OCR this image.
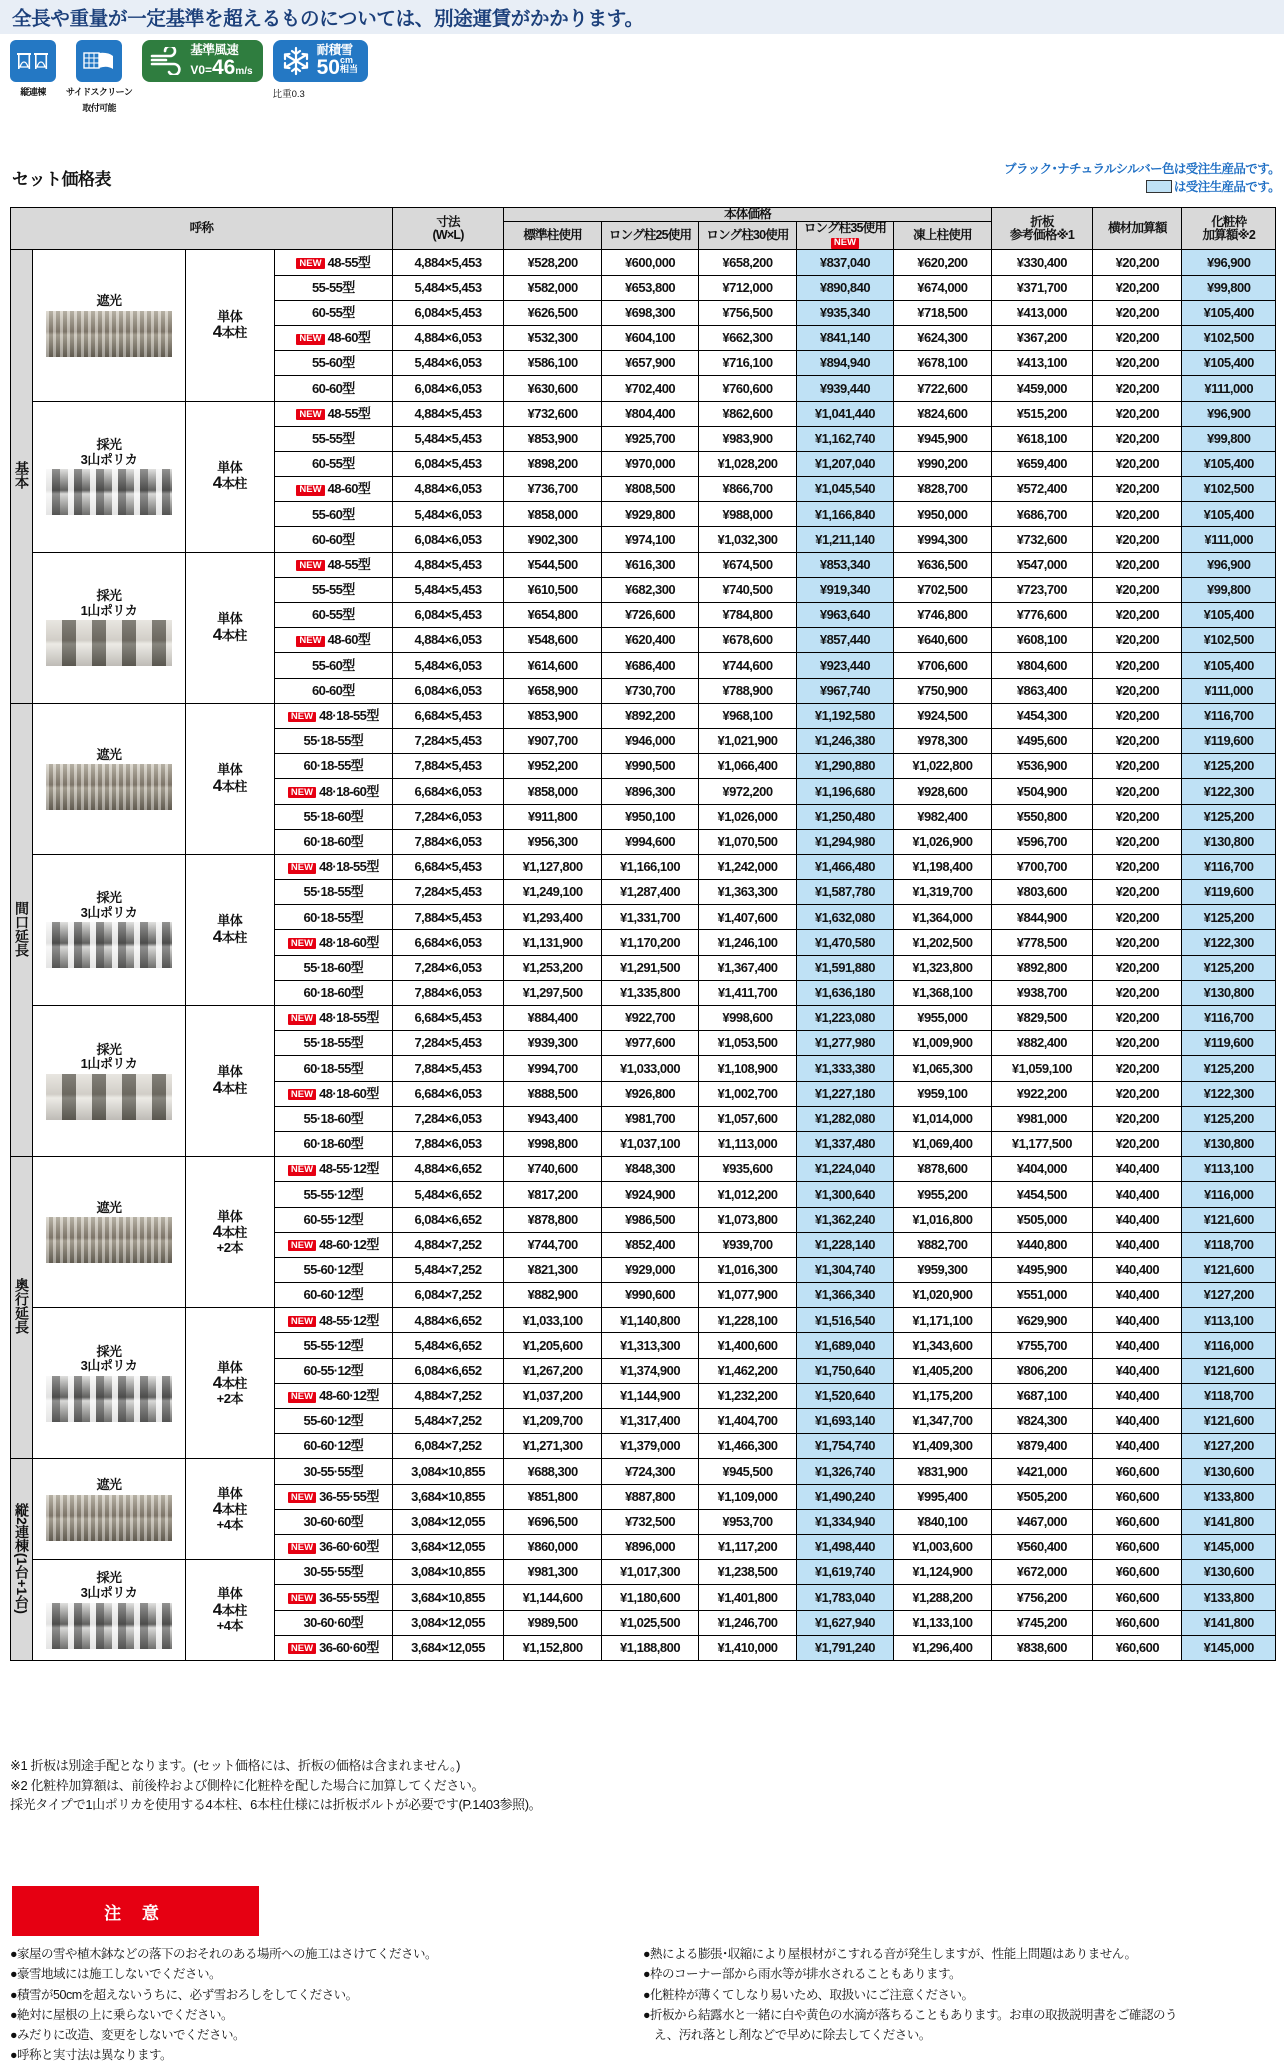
全長や重量が一定基準を超えるものについては、別途運賃がかかります。
縦連棟 サイドスクリーン
取付可能
基準風速
V0=46m/s
耐積雪
50 cm
相当
比重0.3
セット価格表
ブラック･ナチュラルシルバー色は受注生産品です。
は受注生産品です。
呼称				寸法
(W×L)	本体価格					折板
参考価格※1	横材加算額	化粧枠
加算額※2
					標準柱使用	ロング柱25使用	ロング柱30使用	ロング柱35使用
NEW	凍上柱使用			
基本	遮光	単体
4本柱	NEW 48-55型	4,884×5,453	¥528,200	¥600,000	¥658,200	¥837,040	¥620,200	¥330,400	¥20,200	¥96,900
			55-55型	5,484×5,453	¥582,000	¥653,800	¥712,000	¥890,840	¥674,000	¥371,700	¥20,200	¥99,800
			60-55型	6,084×5,453	¥626,500	¥698,300	¥756,500	¥935,340	¥718,500	¥413,000	¥20,200	¥105,400
			NEW 48-60型	4,884×6,053	¥532,300	¥604,100	¥662,300	¥841,140	¥624,300	¥367,200	¥20,200	¥102,500
			55-60型	5,484×6,053	¥586,100	¥657,900	¥716,100	¥894,940	¥678,100	¥413,100	¥20,200	¥105,400
			60-60型	6,084×6,053	¥630,600	¥702,400	¥760,600	¥939,440	¥722,600	¥459,000	¥20,200	¥111,000

採光
3山ポリカ

単体
4本柱
	NEW 48-55型	4,884×5,453	¥732,600	¥804,400	¥862,600	¥1,041,440	¥824,600	¥515,200	¥20,200	¥96,900
			55-55型	5,484×5,453	¥853,900	¥925,700	¥983,900	¥1,162,740	¥945,900	¥618,100	¥20,200	¥99,800
			60-55型	6,084×5,453	¥898,200	¥970,000	¥1,028,200	¥1,207,040	¥990,200	¥659,400	¥20,200	¥105,400
			NEW 48-60型	4,884×6,053	¥736,700	¥808,500	¥866,700	¥1,045,540	¥828,700	¥572,400	¥20,200	¥102,500
			55-60型	5,484×6,053	¥858,000	¥929,800	¥988,000	¥1,166,840	¥950,000	¥686,700	¥20,200	¥105,400
			60-60型	6,084×6,053	¥902,300	¥974,100	¥1,032,300	¥1,211,140	¥994,300	¥732,600	¥20,200	¥111,000

採光
1山ポリカ

単体
4本柱
	NEW 48-55型	4,884×5,453	¥544,500	¥616,300	¥674,500	¥853,340	¥636,500	¥547,000	¥20,200	¥96,900
			55-55型	5,484×5,453	¥610,500	¥682,300	¥740,500	¥919,340	¥702,500	¥723,700	¥20,200	¥99,800
			60-55型	6,084×5,453	¥654,800	¥726,600	¥784,800	¥963,640	¥746,800	¥776,600	¥20,200	¥105,400
			NEW 48-60型	4,884×6,053	¥548,600	¥620,400	¥678,600	¥857,440	¥640,600	¥608,100	¥20,200	¥102,500
			55-60型	5,484×6,053	¥614,600	¥686,400	¥744,600	¥923,440	¥706,600	¥804,600	¥20,200	¥105,400
			60-60型	6,084×6,053	¥658,900	¥730,700	¥788,900	¥967,740	¥750,900	¥863,400	¥20,200	¥111,000
間口延長	遮光	単体
4本柱	NEW 48·18-55型	6,684×5,453	¥853,900	¥892,200	¥968,100	¥1,192,580	¥924,500	¥454,300	¥20,200	¥116,700
			55·18-55型	7,284×5,453	¥907,700	¥946,000	¥1,021,900	¥1,246,380	¥978,300	¥495,600	¥20,200	¥119,600
			60·18-55型	7,884×5,453	¥952,200	¥990,500	¥1,066,400	¥1,290,880	¥1,022,800	¥536,900	¥20,200	¥125,200
			NEW 48·18-60型	6,684×6,053	¥858,000	¥896,300	¥972,200	¥1,196,680	¥928,600	¥504,900	¥20,200	¥122,300
			55·18-60型	7,284×6,053	¥911,800	¥950,100	¥1,026,000	¥1,250,480	¥982,400	¥550,800	¥20,200	¥125,200
			60·18-60型	7,884×6,053	¥956,300	¥994,600	¥1,070,500	¥1,294,980	¥1,026,900	¥596,700	¥20,200	¥130,800

採光
3山ポリカ

単体
4本柱
	NEW 48·18-55型	6,684×5,453	¥1,127,800	¥1,166,100	¥1,242,000	¥1,466,480	¥1,198,400	¥700,700	¥20,200	¥116,700
			55·18-55型	7,284×5,453	¥1,249,100	¥1,287,400	¥1,363,300	¥1,587,780	¥1,319,700	¥803,600	¥20,200	¥119,600
			60·18-55型	7,884×5,453	¥1,293,400	¥1,331,700	¥1,407,600	¥1,632,080	¥1,364,000	¥844,900	¥20,200	¥125,200
			NEW 48·18-60型	6,684×6,053	¥1,131,900	¥1,170,200	¥1,246,100	¥1,470,580	¥1,202,500	¥778,500	¥20,200	¥122,300
			55·18-60型	7,284×6,053	¥1,253,200	¥1,291,500	¥1,367,400	¥1,591,880	¥1,323,800	¥892,800	¥20,200	¥125,200
			60·18-60型	7,884×6,053	¥1,297,500	¥1,335,800	¥1,411,700	¥1,636,180	¥1,368,100	¥938,700	¥20,200	¥130,800

採光
1山ポリカ

単体
4本柱
	NEW 48·18-55型	6,684×5,453	¥884,400	¥922,700	¥998,600	¥1,223,080	¥955,000	¥829,500	¥20,200	¥116,700
			55·18-55型	7,284×5,453	¥939,300	¥977,600	¥1,053,500	¥1,277,980	¥1,009,900	¥882,400	¥20,200	¥119,600
			60·18-55型	7,884×5,453	¥994,700	¥1,033,000	¥1,108,900	¥1,333,380	¥1,065,300	¥1,059,100	¥20,200	¥125,200
			NEW 48·18-60型	6,684×6,053	¥888,500	¥926,800	¥1,002,700	¥1,227,180	¥959,100	¥922,200	¥20,200	¥122,300
			55·18-60型	7,284×6,053	¥943,400	¥981,700	¥1,057,600	¥1,282,080	¥1,014,000	¥981,000	¥20,200	¥125,200
			60·18-60型	7,884×6,053	¥998,800	¥1,037,100	¥1,113,000	¥1,337,480	¥1,069,400	¥1,177,500	¥20,200	¥130,800
奥行延長	遮光	単体
4本柱
+2本	NEW 48-55·12型	4,884×6,652	¥740,600	¥848,300	¥935,600	¥1,224,040	¥878,600	¥404,000	¥40,400	¥113,100
			55-55·12型	5,484×6,652	¥817,200	¥924,900	¥1,012,200	¥1,300,640	¥955,200	¥454,500	¥40,400	¥116,000
			60-55·12型	6,084×6,652	¥878,800	¥986,500	¥1,073,800	¥1,362,240	¥1,016,800	¥505,000	¥40,400	¥121,600
			NEW 48-60·12型	4,884×7,252	¥744,700	¥852,400	¥939,700	¥1,228,140	¥882,700	¥440,800	¥40,400	¥118,700
			55-60·12型	5,484×7,252	¥821,300	¥929,000	¥1,016,300	¥1,304,740	¥959,300	¥495,900	¥40,400	¥121,600
			60-60·12型	6,084×7,252	¥882,900	¥990,600	¥1,077,900	¥1,366,340	¥1,020,900	¥551,000	¥40,400	¥127,200

採光
3山ポリカ	単体
4本柱
+2本
	NEW 48-55·12型	4,884×6,652	¥1,033,100	¥1,140,800	¥1,228,100	¥1,516,540	¥1,171,100	¥629,900	¥40,400	¥113,100
			55-55·12型	5,484×6,652	¥1,205,600	¥1,313,300	¥1,400,600	¥1,689,040	¥1,343,600	¥755,700	¥40,400	¥116,000
			60-55·12型	6,084×6,652	¥1,267,200	¥1,374,900	¥1,462,200	¥1,750,640	¥1,405,200	¥806,200	¥40,400	¥121,600
			NEW 48-60·12型	4,884×7,252	¥1,037,200	¥1,144,900	¥1,232,200	¥1,520,640	¥1,175,200	¥687,100	¥40,400	¥118,700
			55-60·12型	5,484×7,252	¥1,209,700	¥1,317,400	¥1,404,700	¥1,693,140	¥1,347,700	¥824,300	¥40,400	¥121,600
			60-60·12型	6,084×7,252	¥1,271,300	¥1,379,000	¥1,466,300	¥1,754,740	¥1,409,300	¥879,400	¥40,400	¥127,200
縦2連棟(1台+1台)	遮光	単体
4本柱
+4本	30-55·55型	3,084×10,855	¥688,300	¥724,300	¥945,500	¥1,326,740	¥831,900	¥421,000	¥60,600	¥130,600
			NEW 36-55·55型	3,684×10,855	¥851,800	¥887,800	¥1,109,000	¥1,490,240	¥995,400	¥505,200	¥60,600	¥133,800
			30-60·60型	3,084×12,055	¥696,500	¥732,500	¥953,700	¥1,334,940	¥840,100	¥467,000	¥60,600	¥141,800
			NEW 36-60·60型	3,684×12,055	¥860,000	¥896,000	¥1,117,200	¥1,498,440	¥1,003,600	¥560,400	¥60,600	¥145,000

採光
3山ポリカ	単体
4本柱
+4本
	30-55·55型	3,084×10,855	¥981,300	¥1,017,300	¥1,238,500	¥1,619,740	¥1,124,900	¥672,000	¥60,600	¥130,600
			NEW 36-55·55型	3,684×10,855	¥1,144,600	¥1,180,600	¥1,401,800	¥1,783,040	¥1,288,200	¥756,200	¥60,600	¥133,800
			30-60·60型	3,084×12,055	¥989,500	¥1,025,500	¥1,246,700	¥1,627,940	¥1,133,100	¥745,200	¥60,600	¥141,800
			NEW 36-60·60型	3,684×12,055	¥1,152,800	¥1,188,800	¥1,410,000	¥1,791,240	¥1,296,400	¥838,600	¥60,600	¥145,000
※1 折板は別途手配となります。(セット価格には、折板の価格は含まれません。)
※2 化粧枠加算額は、前後枠および側枠に化粧枠を配した場合に加算してください。
採光タイプで1山ポリカを使用する4本柱、6本柱仕様には折板ボルトが必要です(P.1403参照)。
注 意

●家屋の雪や植木鉢などの落下のおそれのある場所への施工はさけてください。

●豪雪地域には施工しないでください。

●積雪が50cmを超えないうちに、必ず雪おろしをしてください。

●絶対に屋根の上に乗らないでください。

●みだりに改造、変更をしないでください。

●呼称と実寸法は異なります。

●熱による膨張･収縮により屋根材がこすれる音が発生しますが、性能上問題はありません。

●枠のコーナー部から雨水等が排水されることもあります。

●化粧枠が薄くてしなり易いため、取扱いにご注意ください。

●折板から結露水と一緒に白や黄色の水滴が落ちることもあります。お車の取扱説明書をご確認のう

え、汚れ落とし剤などで早めに除去してください。
